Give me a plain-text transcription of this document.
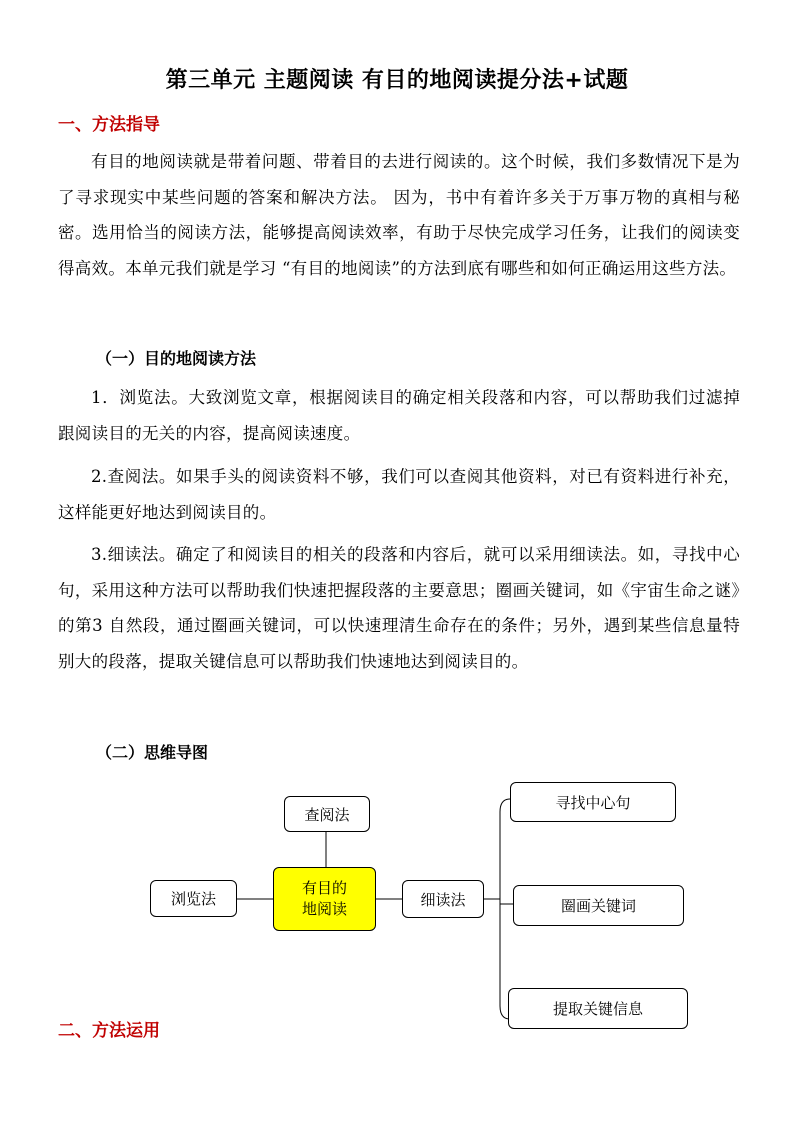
第三单元 主题阅读 有目的地阅读提分法+试题
一、方法指导

有目的地阅读就是带着问题、带着目的去进行阅读的。这个时候，我们多数情况下是为了寻求现实中某些问题的答案和解决方法。 因为，书中有着许多关于万事万物的真相与秘密。选用恰当的阅读方法，能够提高阅读效率，有助于尽快完成学习任务，让我们的阅读变得高效。本单元我们就是学习 “有目的地阅读”的方法到底有哪些和如何正确运用这些方法。

（一）目的地阅读方法

1．浏览法。大致浏览文章，根据阅读目的确定相关段落和内容，可以帮助我们过滤掉跟阅读目的无关的内容，提高阅读速度。

2.查阅法。如果手头的阅读资料不够，我们可以查阅其他资料，对已有资料进行补充，这样能更好地达到阅读目的。

3.细读法。确定了和阅读目的相关的段落和内容后，就可以采用细读法。如，寻找中心句，采用这种方法可以帮助我们快速把握段落的主要意思；圈画关键词，如《宇宙生命之谜》的第3 自然段，通过圈画关键词，可以快速理清生命存在的条件；另外，遇到某些信息量特别大的段落，提取关键信息可以帮助我们快速地达到阅读目的。

（二）思维导图
查阅法
有目的
地阅读
浏览法	细读法
寻找中心句
圈画关键词
提取关键信息
二、方法运用
